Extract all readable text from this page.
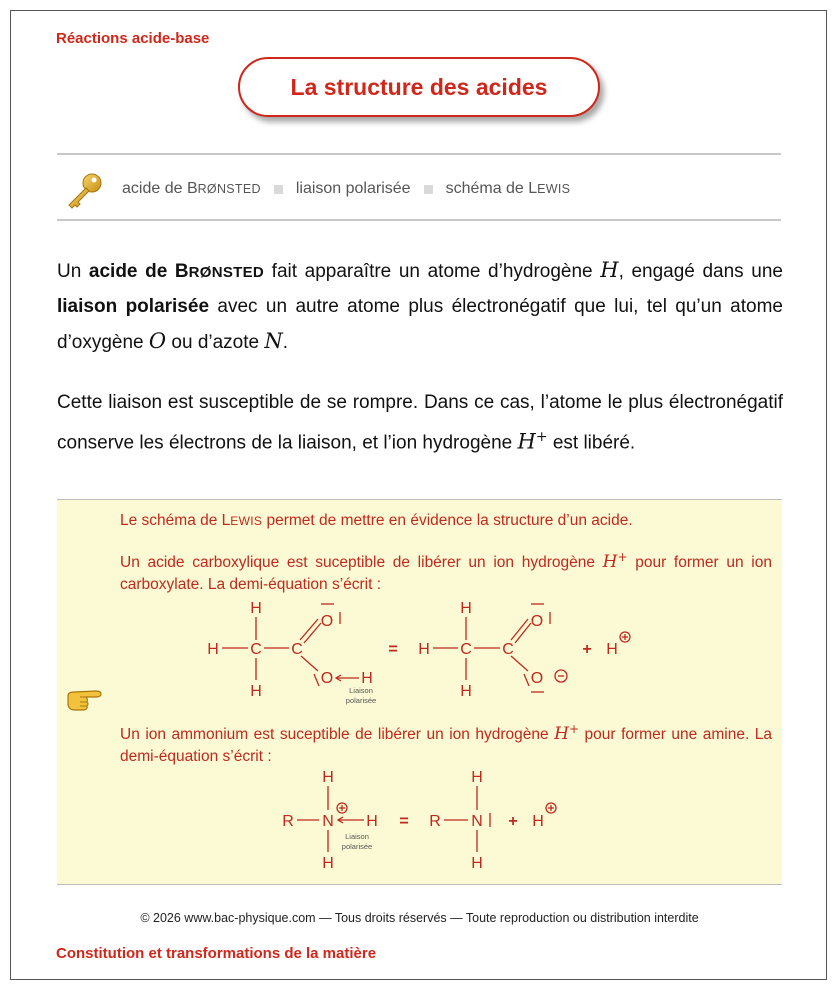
Réactions acide-base
La structure des acides
acide de BRØNSTED liaison polarisée schéma de LEWIS
Un acide de BRØNSTED fait apparaître un atome d’hydrogène H, engagé dans une liaison polarisée avec un autre atome plus électronégatif que lui, tel qu’un atome d’oxygène O ou d’azote N.
Cette liaison est susceptible de se rompre. Dans ce cas, l’atome le plus électronégatif conserve les électrons de la liaison, et l’ion hydrogène H+ est libéré.
Le schéma de LEWIS permet de mettre en évidence la structure d’un acide.
Un acide carboxylique est suceptible de libérer un ion hydrogène H+ pour former un ion carboxylate. La demi-équation s’écrit :
H
H C C
H
O
O H
Liaison
polarisée
=
H
H C C
H
O
O
+ H
Un ion ammonium est suceptible de libérer un ion hydrogène H+ pour former une amine. La demi-équation s’écrit :
H
R N H
H
Liaison
polarisée
=
H
R N
H
+ H
© 2026 www.bac-physique.com — Tous droits réservés — Toute reproduction ou distribution interdite
Constitution et transformations de la matière
